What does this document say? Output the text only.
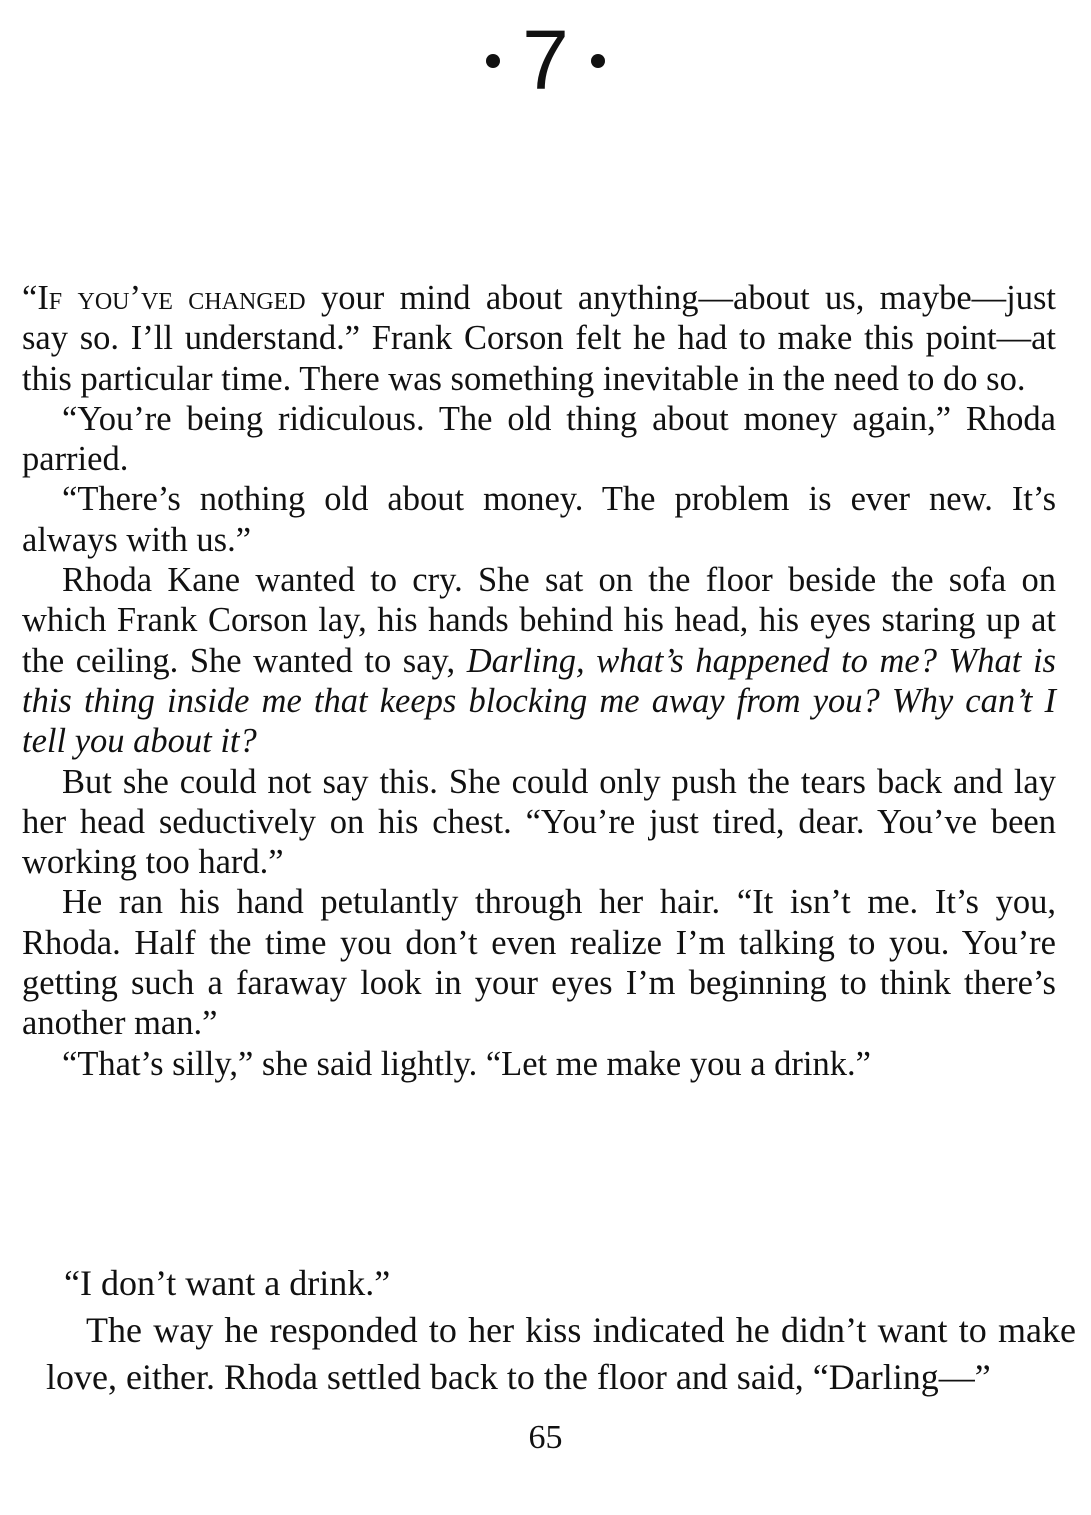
7

“If you’ve changed your mind about anything—about us, maybe—just say so. I’ll understand.” Frank Corson felt he had to make this point—at this particular time. There was something inevitable in the need to do so.

“You’re being ridiculous. The old thing about money again,” Rhoda parried.

“There’s nothing old about money. The problem is ever new. It’s always with us.”

Rhoda Kane wanted to cry. She sat on the floor beside the sofa on which Frank Corson lay, his hands behind his head, his eyes staring up at the ceiling. She wanted to say, Darling, what’s happened to me? What is this thing inside me that keeps blocking me away from you? Why can’t I tell you about it?

But she could not say this. She could only push the tears back and lay her head seductively on his chest. “You’re just tired, dear. You’ve been working too hard.”

He ran his hand petulantly through her hair. “It isn’t me. It’s you, Rhoda. Half the time you don’t even realize I’m talking to you. You’re getting such a faraway look in your eyes I’m beginning to think there’s another man.”

“That’s silly,” she said lightly. “Let me make you a drink.”

“I don’t want a drink.”

The way he responded to her kiss indicated he didn’t want to make love, either. Rhoda settled back to the floor and said, “Darling—”

65
